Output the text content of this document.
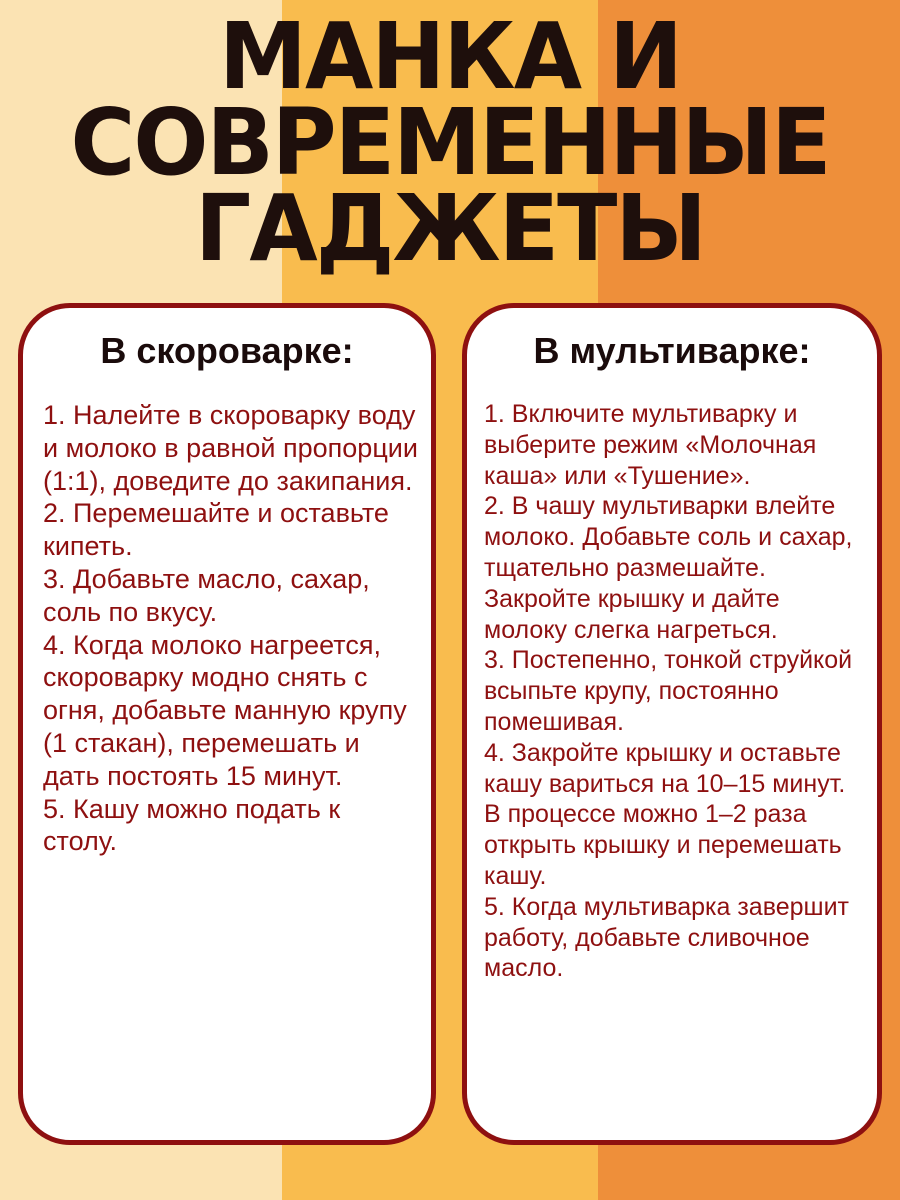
МАНКА И
СОВРЕМЕННЫЕ
ГАДЖЕТЫ
В скороварке:
1. Налейте в скороварку воду и молоко в равной пропорции (1:1), доведите до закипания.
2. Перемешайте и оставьте кипеть.
3. Добавьте масло, сахар, соль по вкусу.
4. Когда молоко нагреется, скороварку модно снять с огня, добавьте манную крупу (1 стакан), перемешать и дать постоять 15 минут.
5. Кашу можно подать к столу.
В мультиварке:
1. Включите мультиварку и выберите режим «Молочная каша» или «Тушение».
2. В чашу мультиварки влейте молоко. Добавьте соль и сахар, тщательно размешайте. Закройте крышку и дайте молоку слегка нагреться.
3. Постепенно, тонкой струйкой всыпьте крупу, постоянно помешивая.
4. Закройте крышку и оставьте кашу вариться на 10–15 минут. В процессе можно 1–2 раза открыть крышку и перемешать кашу.
5. Когда мультиварка завершит работу, добавьте сливочное масло.
